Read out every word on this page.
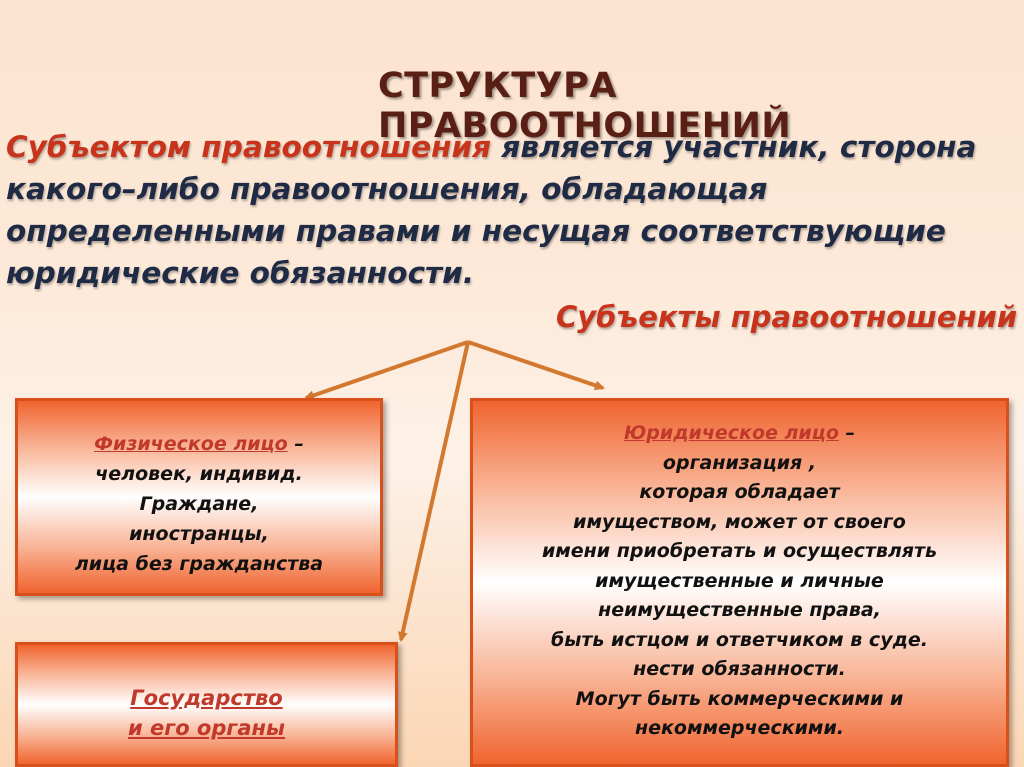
СТРУКТУРА ПРАВООТНОШЕНИЙ
Субъектом правоотношения является участник, сторона какого–либо правоотношения, обладающая определенными правами и несущая соответствующие юридические обязанности.
Субъекты правоотношений
Физическое лицо –
человек, индивид.
Граждане,
иностранцы,
лица без гражданства
Юридическое лицо –
организация ,
которая обладает
имуществом, может от своего
имени приобретать и осуществлять
имущественные и личные
неимущественные права,
быть истцом и ответчиком в суде.
нести обязанности.
Могут быть коммерческими и
некоммерческими.
Государство
и его органы
